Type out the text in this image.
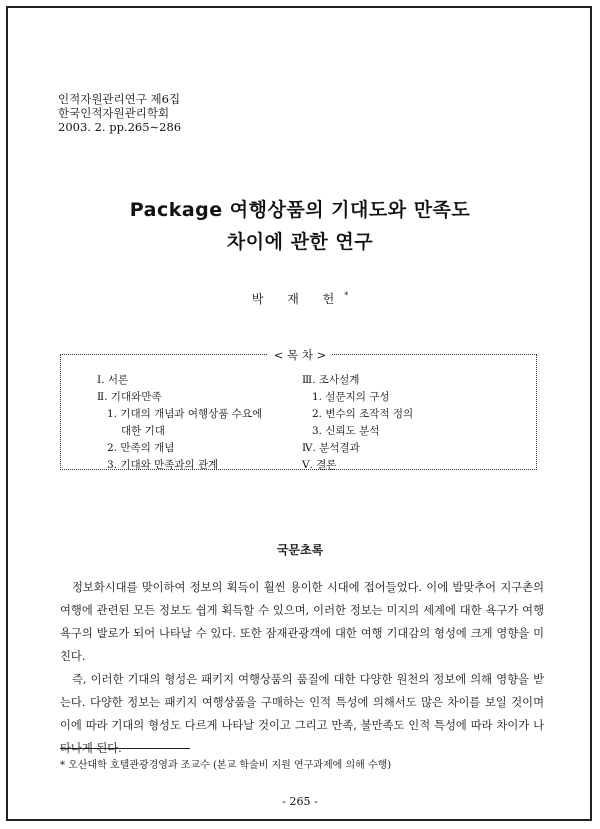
인적자원관리연구 제6집
한국인적자원관리학회
2003. 2. pp.265∼286
Package 여행상품의 기대도와 만족도
차이에 관한 연구
박 재 헌*
< 목 차 >
Ⅰ. 서론
Ⅱ. 기대와만족
1. 기대의 개념과 여행상품 수요에
대한 기대
2. 만족의 개념
3. 기대와 만족과의 관계
Ⅲ. 조사설계
1. 설문지의 구성
2. 변수의 조작적 정의
3. 신뢰도 분석
Ⅳ. 분석결과
Ⅴ. 결론
국문초록

정보화시대를 맞이하여 정보의 획득이 훨씬 용이한 시대에 접어들었다. 이에 발맞추어 지구촌의 여행에 관련된 모든 정보도 쉽게 획득할 수 있으며, 이러한 정보는 미지의 세계에 대한 욕구가 여행욕구의 발로가 되어 나타날 수 있다. 또한 잠재관광객에 대한 여행 기대감의 형성에 크게 영향을 미친다.

즉, 이러한 기대의 형성은 패키지 여행상품의 품질에 대한 다양한 원천의 정보에 의해 영향을 받는다. 다양한 정보는 패키지 여행상품을 구매하는 인적 특성에 의해서도 많은 차이를 보일 것이며 이에 따라 기대의 형성도 다르게 나타날 것이고 그리고 만족, 불만족도 인적 특성에 따라 차이가 나타나게 된다.

* 오산대학 호텔관광경영과 조교수 (본교 학술비 지원 연구과제에 의해 수행)
- 265 -
